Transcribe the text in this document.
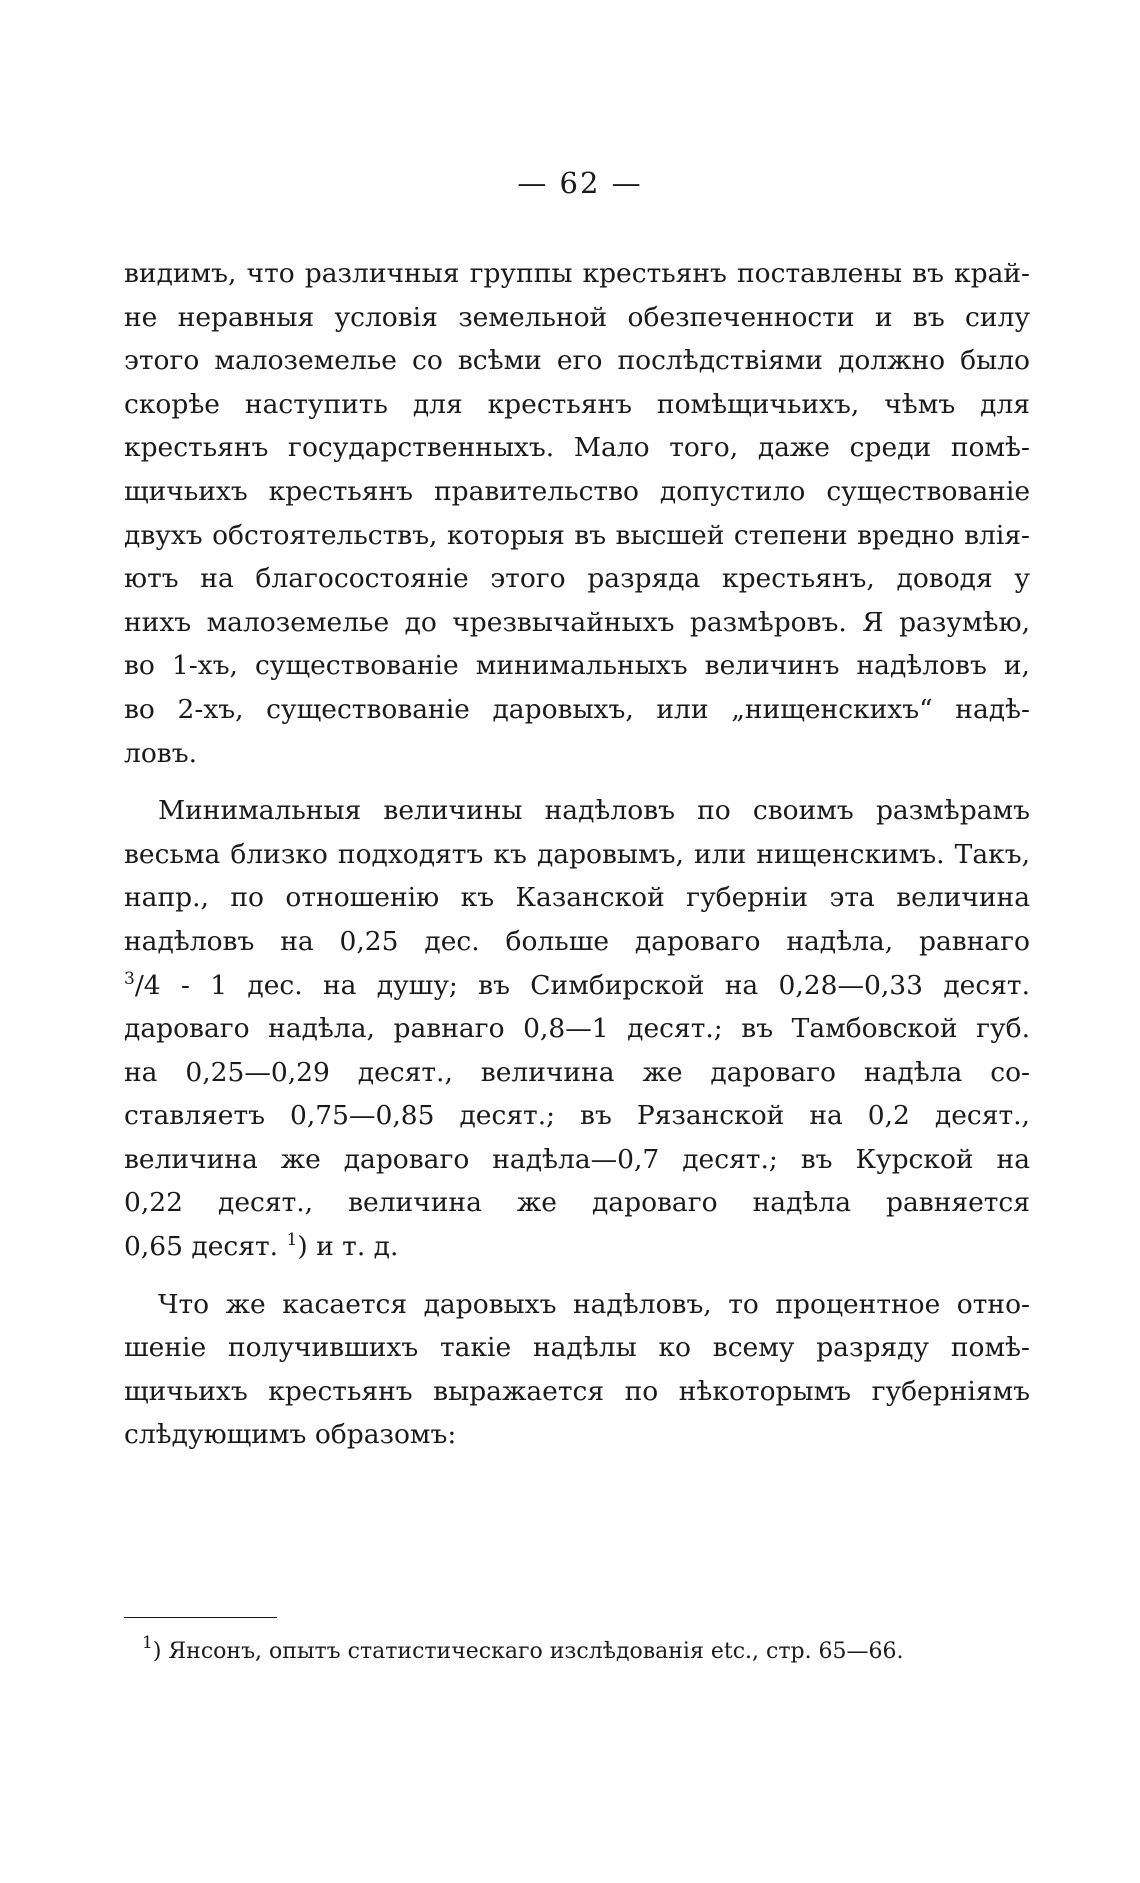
— 62 —
видимъ, что различныя группы крестьянъ поставлены въ край-
не неравныя условія земельной обезпеченности и въ силу
этого малоземелье со всѣми его послѣдствіями должно было
скорѣе наступить для крестьянъ помѣщичьихъ, чѣмъ для
крестьянъ государственныхъ. Мало того, даже среди помѣ-
щичьихъ крестьянъ правительство допустило существованіе
двухъ обстоятельствъ, которыя въ высшей степени вредно влія-
ютъ на благосостояніе этого разряда крестьянъ, доводя у
нихъ малоземелье до чрезвычайныхъ размѣровъ. Я разумѣю,
во 1-хъ, существованіе минимальныхъ величинъ надѣловъ и,
во 2-хъ, существованіе даровыхъ, или „нищенскихъ“ надѣ-
ловъ.
Минимальныя величины надѣловъ по своимъ размѣрамъ
весьма близко подходятъ къ даровымъ, или нищенскимъ. Такъ,
напр., по отношенію къ Казанской губерніи эта величина
надѣловъ на 0,25 дес. больше дароваго надѣла, равнаго
$^3$/4 - 1 дес. на душу; въ Симбирской на 0,28—0,33 десят.
дароваго надѣла, равнаго 0,8—1 десят.; въ Тамбовской губ.
на 0,25—0,29 десят., величина же дароваго надѣла со-
ставляетъ 0,75—0,85 десят.; въ Рязанской на 0,2 десят.,
величина же дароваго надѣла—0,7 десят.; въ Курской на
0,22 десят., величина же дароваго надѣла равняется
0,65 десят. $^1$) и т. д.
Что же касается даровыхъ надѣловъ, то процентное отно-
шеніе получившихъ такіе надѣлы ко всему разряду помѣ-
щичьихъ крестьянъ выражается по нѣкоторымъ губерніямъ
слѣдующимъ образомъ:
$^1$) Янсонъ, опытъ статистическаго изслѣдованія etc., стр. 65—66.
